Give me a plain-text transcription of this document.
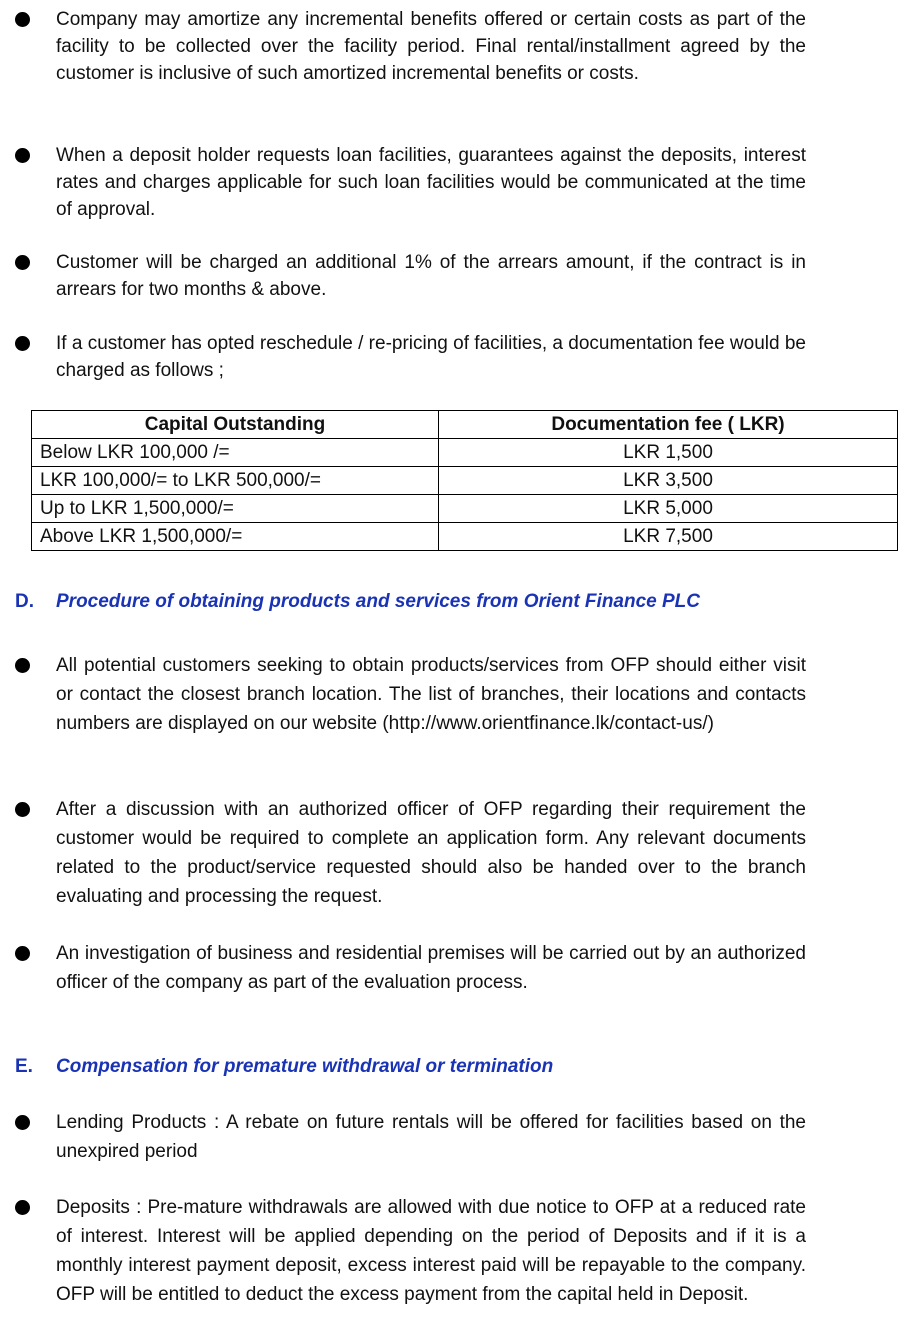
Company may amortize any incremental benefits offered or certain costs as part of the facility to be collected over the facility period. Final rental/installment agreed by the customer is inclusive of such amortized incremental benefits or costs.

When a deposit holder requests loan facilities, guarantees against the deposits, interest rates and charges applicable for such loan facilities would be communicated at the time of approval.

Customer will be charged an additional 1% of the arrears amount, if the contract is in arrears for two months & above.

If a customer has opted reschedule / re-pricing of facilities, a documentation fee would be charged as follows ;

Capital Outstanding	Documentation fee ( LKR)
Below LKR 100,000 /=	LKR 1,500
LKR 100,000/= to LKR 500,000/=	LKR 3,500
Up to LKR 1,500,000/=	LKR 5,000
Above LKR 1,500,000/=	LKR 7,500
D. Procedure of obtaining products and services from Orient Finance PLC

All potential customers seeking to obtain products/services from OFP should either visit or contact the closest branch location. The list of branches, their locations and contacts numbers are displayed on our website (http://www.orientfinance.lk/contact-us/)

After a discussion with an authorized officer of OFP regarding their requirement the customer would be required to complete an application form. Any relevant documents related to the product/service requested should also be handed over to the branch evaluating and processing the request.

An investigation of business and residential premises will be carried out by an authorized officer of the company as part of the evaluation process.

E. Compensation for premature withdrawal or termination

Lending Products : A rebate on future rentals will be offered for facilities based on the unexpired period

Deposits : Pre-mature withdrawals are allowed with due notice to OFP at a reduced rate of interest. Interest will be applied depending on the period of Deposits and if it is a monthly interest payment deposit, excess interest paid will be repayable to the company. OFP will be entitled to deduct the excess payment from the capital held in Deposit.
